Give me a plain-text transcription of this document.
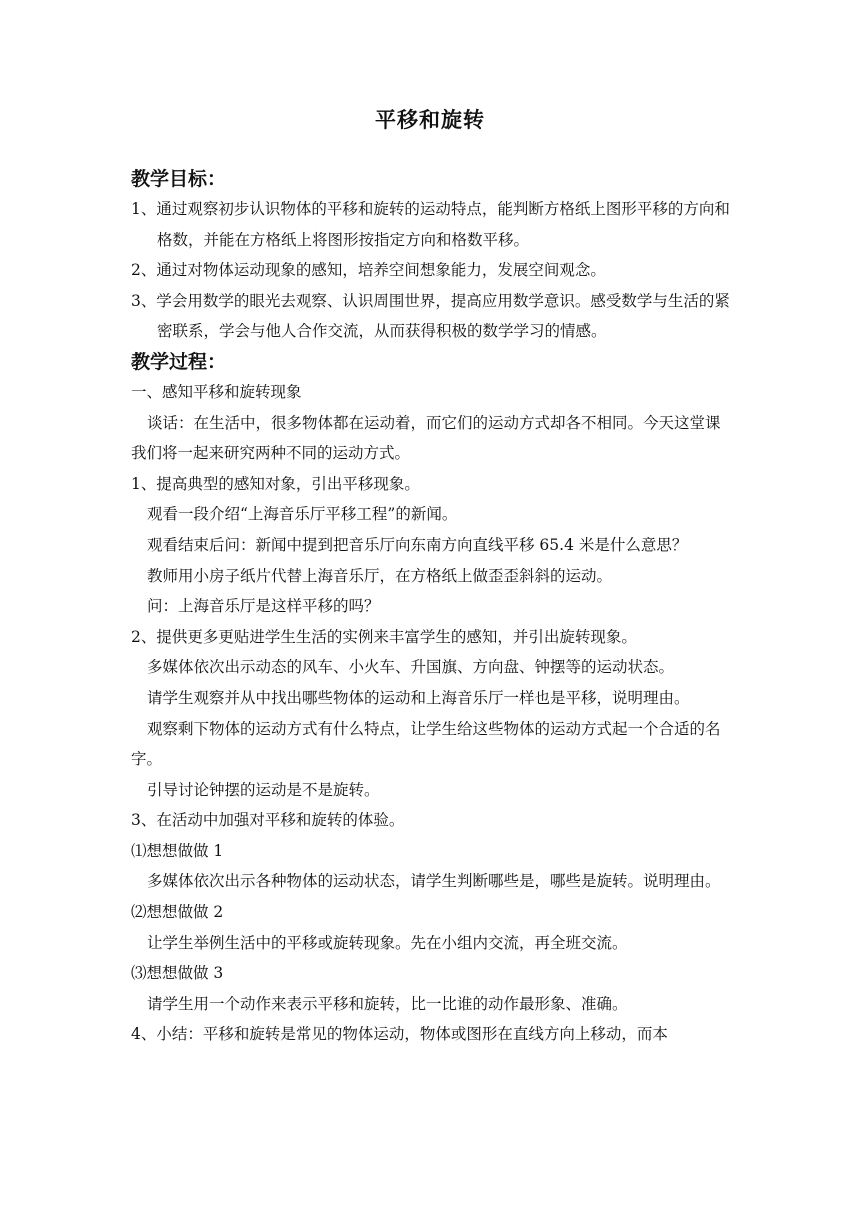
平移和旋转

教学目标：

1、通过观察初步认识物体的平移和旋转的运动特点，能判断方格纸上图形平移的方向和格数，并能在方格纸上将图形按指定方向和格数平移。

2、通过对物体运动现象的感知，培养空间想象能力，发展空间观念。

3、学会用数学的眼光去观察、认识周围世界，提高应用数学意识。感受数学与生活的紧密联系，学会与他人合作交流，从而获得积极的数学学习的情感。

教学过程：

一、感知平移和旋转现象

谈话：在生活中，很多物体都在运动着，而它们的运动方式却各不相同。今天这堂课我们将一起来研究两种不同的运动方式。

1、提高典型的感知对象，引出平移现象。

观看一段介绍“上海音乐厅平移工程”的新闻。

观看结束后问：新闻中提到把音乐厅向东南方向直线平移 65.4 米是什么意思？

教师用小房子纸片代替上海音乐厅，在方格纸上做歪歪斜斜的运动。

问：上海音乐厅是这样平移的吗？

2、提供更多更贴进学生生活的实例来丰富学生的感知，并引出旋转现象。

多媒体依次出示动态的风车、小火车、升国旗、方向盘、钟摆等的运动状态。

请学生观察并从中找出哪些物体的运动和上海音乐厅一样也是平移，说明理由。

观察剩下物体的运动方式有什么特点，让学生给这些物体的运动方式起一个合适的名字。

引导讨论钟摆的运动是不是旋转。

3、在活动中加强对平移和旋转的体验。

⑴想想做做 1

多媒体依次出示各种物体的运动状态，请学生判断哪些是，哪些是旋转。说明理由。

⑵想想做做 2

让学生举例生活中的平移或旋转现象。先在小组内交流，再全班交流。

⑶想想做做 3

请学生用一个动作来表示平移和旋转，比一比谁的动作最形象、准确。

4、小结：平移和旋转是常见的物体运动，物体或图形在直线方向上移动，而本
